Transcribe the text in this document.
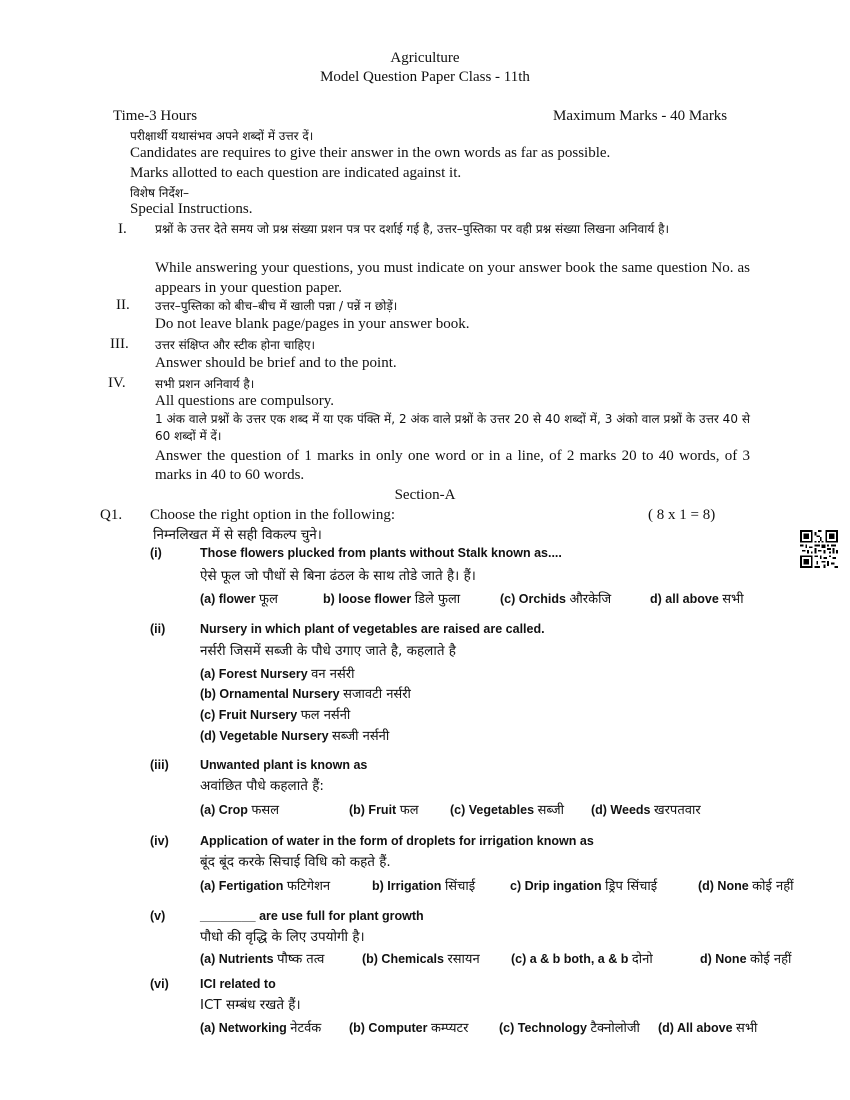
Agriculture
Model Question Paper Class - 11th
Time-3 Hours	Maximum Marks - 40 Marks
परीक्षार्थी यथासंभव अपने शब्दों में उत्तर दें।
Candidates are requires to give their answer in the own words as far as possible.
Marks allotted to each question are indicated against it.
विशेष निर्देश–
Special Instructions.
I. प्रश्नों के उत्तर देते समय जो प्रश्न संख्या प्रशन पत्र पर दर्शाई गई है, उत्तर–पुस्तिका पर वही प्रश्न संख्या लिखना अनिवार्य है।
While answering your questions, you must indicate on your answer book the same question No. as appears in your question paper.
II. उत्तर–पुस्तिका को बीच–बीच में खाली पन्ना / पन्नें न छोड़ें।
Do not leave blank page/pages in your answer book.
III. उत्तर संक्षिप्त और स्टीक होना चाहिए।
Answer should be brief and to the point.
IV. सभी प्रशन अनिवार्य है।
All questions are compulsory.
1 अंक वाले प्रश्नों के उत्तर एक शब्द में या एक पंक्ति में, 2 अंक वाले प्रश्नों के उत्तर 20 से 40 शब्दों में, 3 अंको वाल प्रश्नों के उत्तर 40 से 60 शब्दों में दें।
Answer the question of 1 marks in only one word or in a line, of 2 marks 20 to 40 words, of 3 marks in 40 to 60 words.
Section-A
Q1. Choose the right option in the following:	( 8 x 1 = 8)
निम्नलिखत में से सही विकल्प चुने।
(i)	Those flowers plucked from plants without Stalk known as....
ऐसे फूल जो पौधों से बिना ढंठल के साथ तोडे जाते है। हैं।
(a) flower फूल	b) loose flower डिले फुला	(c) Orchids औरकेजि	d) all above सभी
(ii)	Nursery in which plant of vegetables are raised are called.
नर्सरी जिसमें सब्जी के पौधे उगाए जाते है, कहलाते है
(a) Forest Nursery वन नर्सरी
(b) Ornamental Nursery सजावटी नर्सरी
(c) Fruit Nursery फल नर्सनी
(d) Vegetable Nursery सब्जी नर्सनी
(iii)	Unwanted plant is known as
अवांछित पौधे कहलाते हैं:
(a) Crop फसल	(b) Fruit फल	(c) Vegetables सब्जी (d) Weeds खरपतवार
(iv)	Application of water in the form of droplets for irrigation known as
बूंद बूंद करके सिचाई विधि को कहते हैं.
(a) Fertigation फटिगेशन	b) Irrigation सिंचाई	c) Drip ingation ड्रिप सिंचाई	(d) None कोई नहीं
(v)	________ are use full for plant growth
पौधो की वृद्धि के लिए उपयोगी है।
(a) Nutrients पौष्क तत्व	(b) Chemicals रसायन	(c) a & b both, a & b दोनो	d) None कोई नहीं
(vi)	ICI related to
ICT सम्बंध रखते हैं।
(a) Networking नेटर्वक (b) Computer कम्प्यटर (c) Technology टैक्नोलोजी (d) All above सभी
